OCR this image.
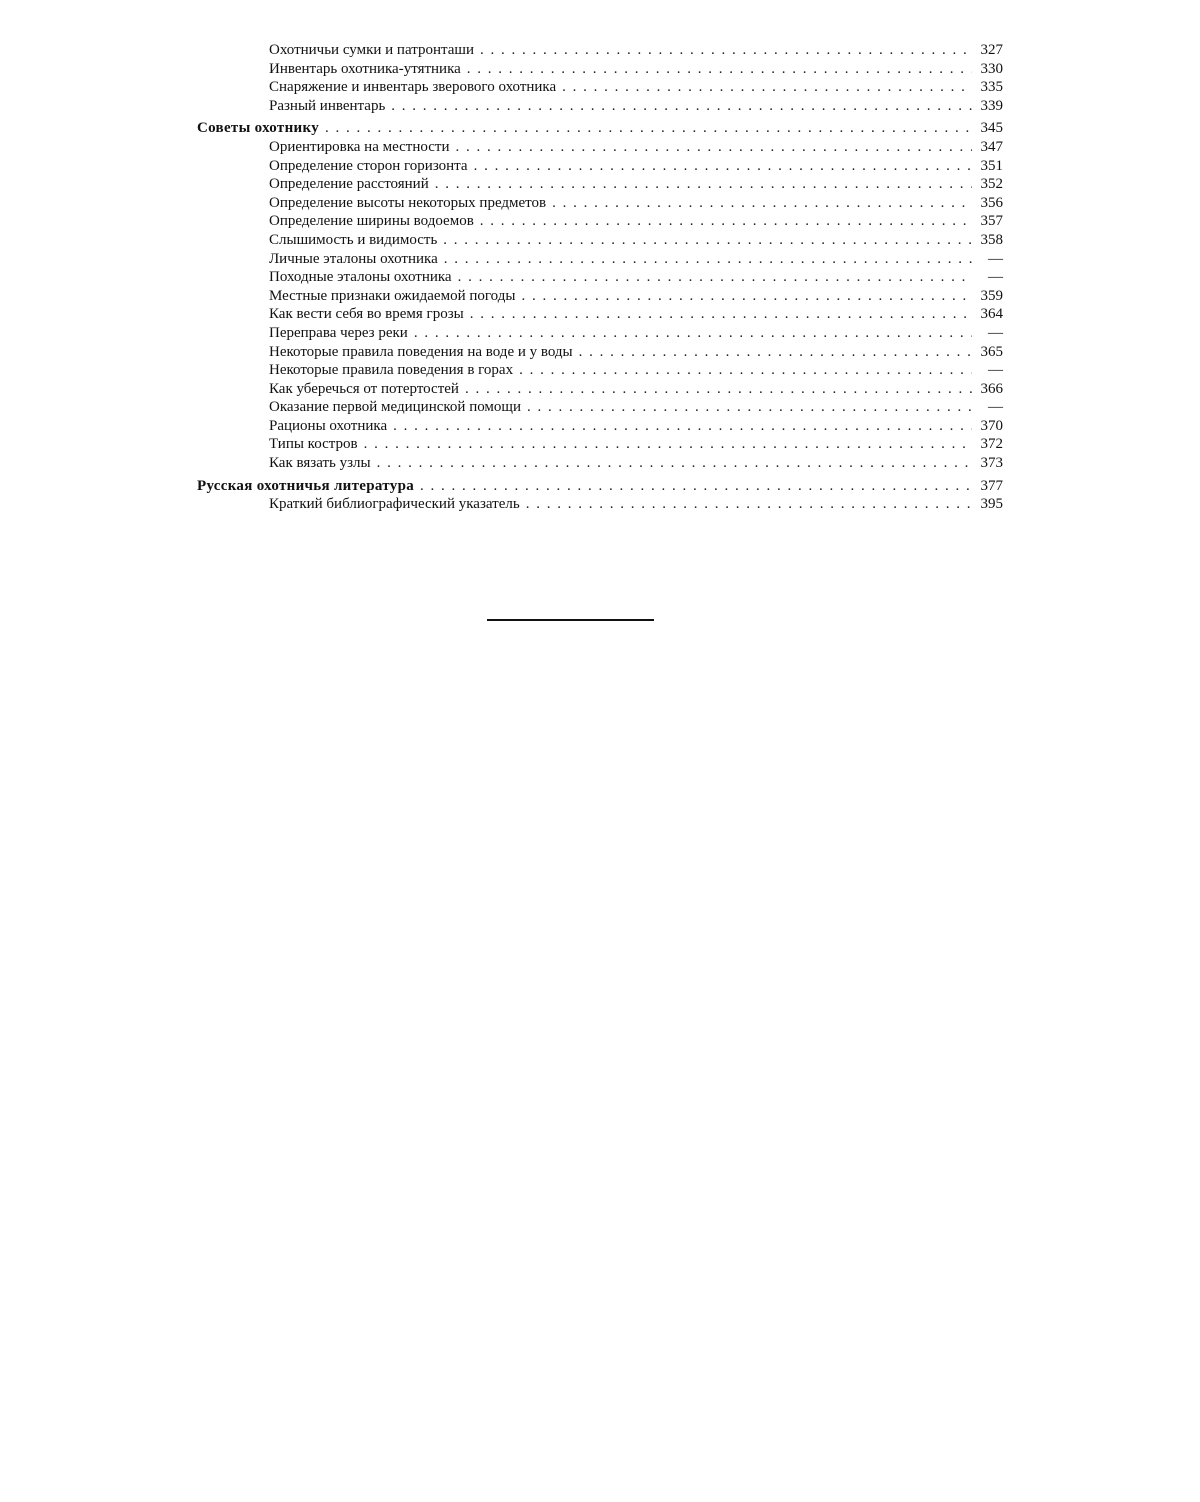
Охотничьи сумки и патронташи . . .	327
Инвентарь охотника-утятника . . .	330
Снаряжение и инвентарь зверового охотника . . .	335
Разный инвентарь . . .	339
Советы охотнику . . .	345
Ориентировка на местности . . .	347
Определение сторон горизонта . . .	351
Определение расстояний . . .	352
Определение высоты некоторых предметов . . .	356
Определение ширины водоемов . . .	357
Слышимость и видимость . . .	358
Личные эталоны охотника . . .	—
Походные эталоны охотника . . .	—
Местные признаки ожидаемой погоды . . .	359
Как вести себя во время грозы . . .	364
Переправа через реки . . .	—
Некоторые правила поведения на воде и у воды . . .	365
Некоторые правила поведения в горах . . .	—
Как уберечься от потертостей . . .	366
Оказание первой медицинской помощи . . .	—
Рационы охотника . . .	370
Типы костров . . .	372
Как вязать узлы . . .	373
Русская охотничья литература . . .	377
Краткий библиографический указатель . . .	395
